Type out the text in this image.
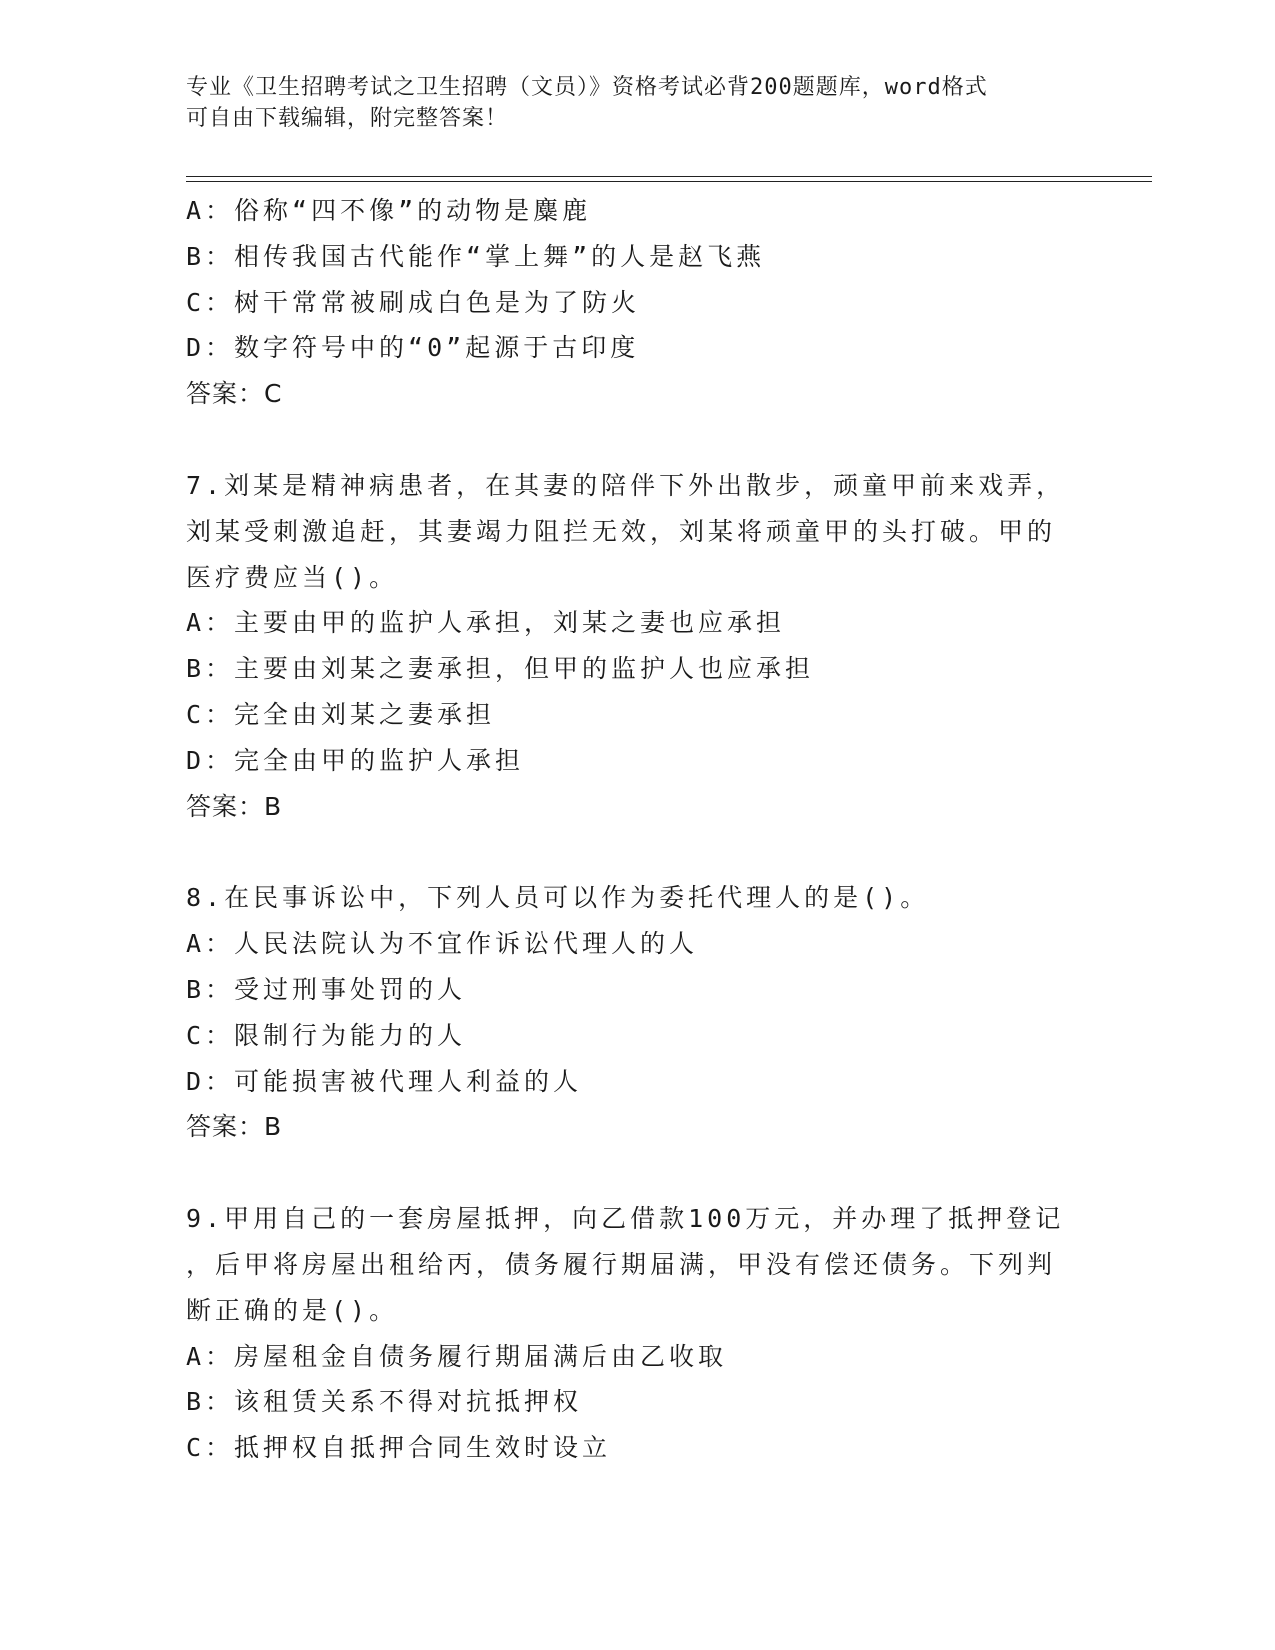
专业《卫生招聘考试之卫生招聘（文员）》资格考试必背200题题库，word格式
可自由下载编辑，附完整答案！
A：俗称“四不像”的动物是麋鹿
B：相传我国古代能作“掌上舞”的人是赵飞燕
C：树干常常被刷成白色是为了防火
D：数字符号中的“0”起源于古印度
答案：C
7.刘某是精神病患者，在其妻的陪伴下外出散步，顽童甲前来戏弄，
刘某受刺激追赶，其妻竭力阻拦无效，刘某将顽童甲的头打破。甲的
医疗费应当()。
A：主要由甲的监护人承担，刘某之妻也应承担
B：主要由刘某之妻承担，但甲的监护人也应承担
C：完全由刘某之妻承担
D：完全由甲的监护人承担
答案：B
8.在民事诉讼中，下列人员可以作为委托代理人的是()。
A：人民法院认为不宜作诉讼代理人的人
B：受过刑事处罚的人
C：限制行为能力的人
D：可能损害被代理人利益的人
答案：B
9.甲用自己的一套房屋抵押，向乙借款100万元，并办理了抵押登记
，后甲将房屋出租给丙，债务履行期届满，甲没有偿还债务。下列判
断正确的是()。
A：房屋租金自债务履行期届满后由乙收取
B：该租赁关系不得对抗抵押权
C：抵押权自抵押合同生效时设立
